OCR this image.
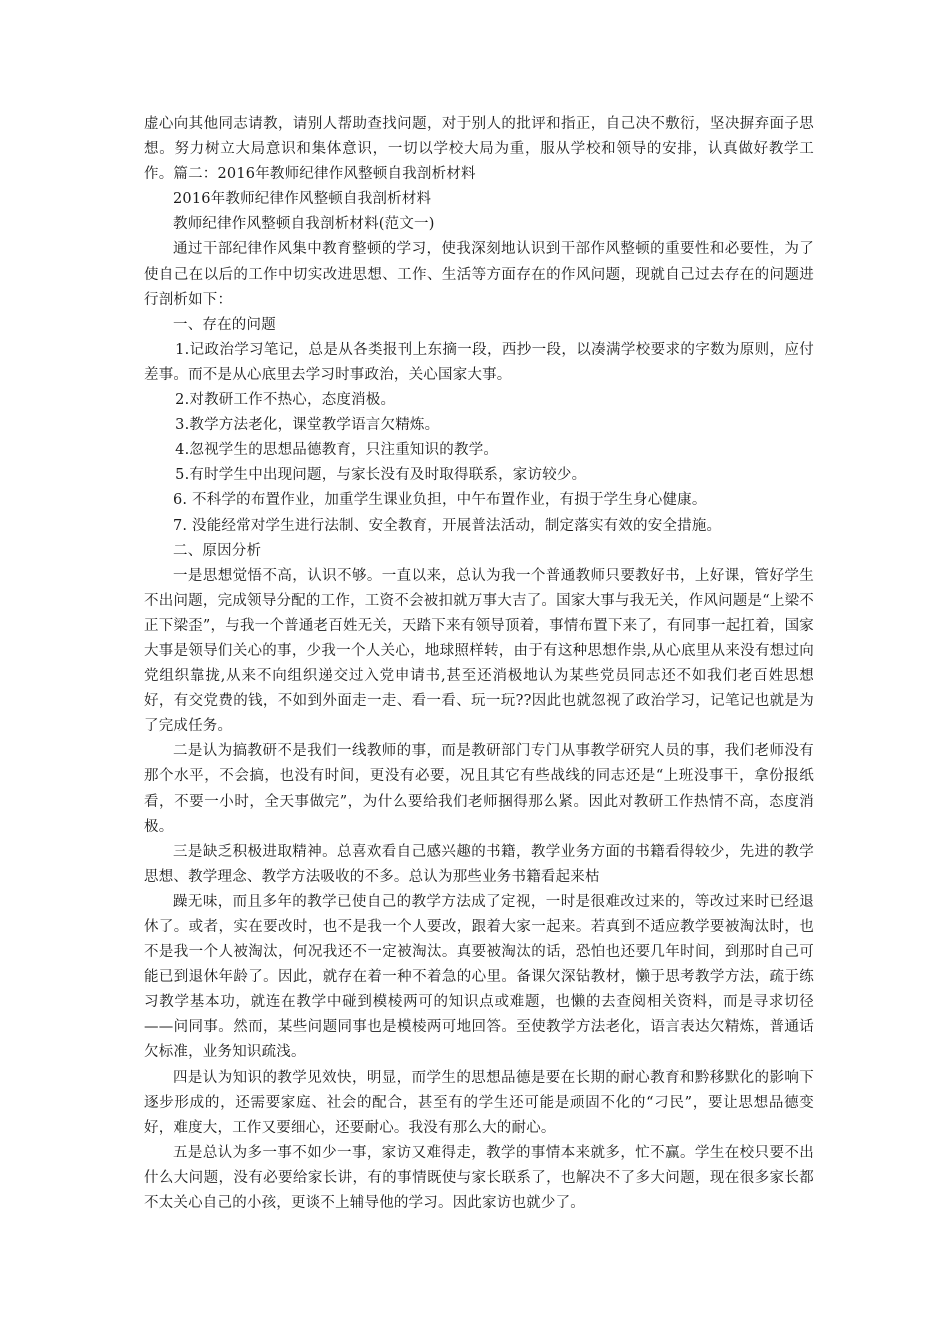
虚心向其他同志请教，请别人帮助查找问题，对于别人的批评和指正，自己决不敷衍，坚决摒弃面子思想。努力树立大局意识和集体意识，一切以学校大局为重，服从学校和领导的安排，认真做好教学工作。篇二：2016年教师纪律作风整顿自我剖析材料

2016年教师纪律作风整顿自我剖析材料

教师纪律作风整顿自我剖析材料(范文一)

通过干部纪律作风集中教育整顿的学习，使我深刻地认识到干部作风整顿的重要性和必要性，为了使自己在以后的工作中切实改进思想、工作、生活等方面存在的作风问题，现就自己过去存在的问题进行剖析如下：

一、存在的问题

1.记政治学习笔记，总是从各类报刊上东摘一段，西抄一段，以凑满学校要求的字数为原则，应付差事。而不是从心底里去学习时事政治，关心国家大事。

2.对教研工作不热心，态度消极。

3.教学方法老化，课堂教学语言欠精炼。

4.忽视学生的思想品德教育，只注重知识的教学。

5.有时学生中出现问题，与家长没有及时取得联系，家访较少。

6. 不科学的布置作业，加重学生课业负担，中午布置作业，有损于学生身心健康。

7. 没能经常对学生进行法制、安全教育，开展普法活动，制定落实有效的安全措施。

二、原因分析

一是思想觉悟不高，认识不够。一直以来，总认为我一个普通教师只要教好书，上好课，管好学生不出问题，完成领导分配的工作，工资不会被扣就万事大吉了。国家大事与我无关，作风问题是“上梁不正下梁歪”，与我一个普通老百姓无关，天踏下来有领导顶着，事情布置下来了，有同事一起扛着，国家大事是领导们关心的事，少我一个人关心，地球照样转，由于有这种思想作祟,从心底里从来没有想过向党组织靠拢,从来不向组织递交过入党申请书,甚至还消极地认为某些党员同志还不如我们老百姓思想好，有交党费的钱，不如到外面走一走、看一看、玩一玩??因此也就忽视了政治学习，记笔记也就是为了完成任务。

二是认为搞教研不是我们一线教师的事，而是教研部门专门从事教学研究人员的事，我们老师没有那个水平，不会搞，也没有时间，更没有必要，况且其它有些战线的同志还是“上班没事干，拿份报纸看，不要一小时，全天事做完”，为什么要给我们老师捆得那么紧。因此对教研工作热情不高，态度消极。

三是缺乏积极进取精神。总喜欢看自己感兴趣的书籍，教学业务方面的书籍看得较少，先进的教学思想、教学理念、教学方法吸收的不多。总认为那些业务书籍看起来枯

躁无味，而且多年的教学已使自己的教学方法成了定视，一时是很难改过来的，等改过来时已经退休了。或者，实在要改时，也不是我一个人要改，跟着大家一起来。若真到不适应教学要被淘汰时，也不是我一个人被淘汰，何况我还不一定被淘汰。真要被淘汰的话，恐怕也还要几年时间，到那时自己可能已到退休年龄了。因此，就存在着一种不着急的心里。备课欠深钻教材，懒于思考教学方法，疏于练习教学基本功，就连在教学中碰到模棱两可的知识点或难题，也懒的去查阅相关资料，而是寻求切径——问同事。然而，某些问题同事也是模棱两可地回答。至使教学方法老化，语言表达欠精炼，普通话欠标准，业务知识疏浅。

四是认为知识的教学见效快，明显，而学生的思想品德是要在长期的耐心教育和黔移默化的影响下逐步形成的，还需要家庭、社会的配合，甚至有的学生还可能是顽固不化的“刁民”，要让思想品德变好，难度大，工作又要细心，还要耐心。我没有那么大的耐心。

五是总认为多一事不如少一事，家访又难得走，教学的事情本来就多，忙不赢。学生在校只要不出什么大问题，没有必要给家长讲，有的事情既使与家长联系了，也解决不了多大问题，现在很多家长都不太关心自己的小孩，更谈不上辅导他的学习。因此家访也就少了。
